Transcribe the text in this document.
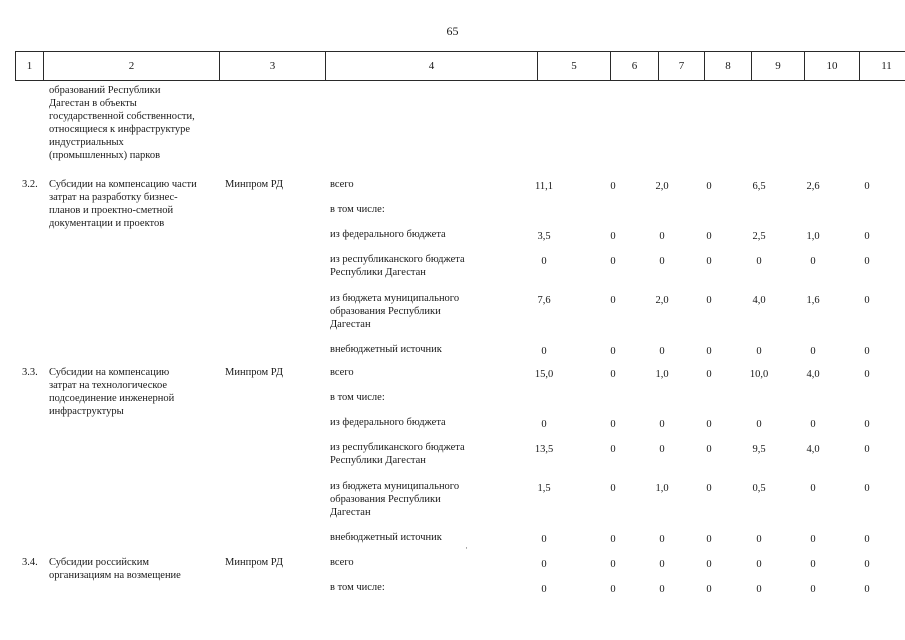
65
1	2	3	4	5	6	7	8	9	10	11
образований Республики
Дагестан в объекты
государственной собственности,
относящиеся к инфраструктуре
индустриальных
(промышленных) парков
3.2. Субсидии на компенсацию части
затрат на разработку бизнес-
планов и проектно-сметной
документации и проектов
Минпром РД	всего	11,1	0	2,0	0	6,5	2,6	0
в том числе:
из федерального бюджета	3,5	0	0	0	2,5	1,0	0
из республиканского бюджета
Республики Дагестан
0	0	0	0	0	0	0
из бюджета муниципального
образования Республики
Дагестан
7,6	0	2,0	0	4,0	1,6	0
внебюджетный источник	0	0	0	0	0	0	0
3.3. Субсидии на компенсацию
затрат на технологическое
подсоединение инженерной
инфраструктуры
Минпром РД	всего	15,0	0	1,0	0	10,0	4,0	0
в том числе:
из федерального бюджета	0	0	0	0	0	0	0
из республиканского бюджета
Республики Дагестан
13,5	0	0	0	9,5	4,0	0
из бюджета муниципального
образования Республики
Дагестан
1,5	0	1,0	0	0,5	0	0
внебюджетный источник	0	0	0	0	0	0	0
3.4. Субсидии российским
организациям на возмещение
Минпром РД	всего	0	0	0	0	0	0	0
в том числе:	0	0	0	0	0	0	0
·
